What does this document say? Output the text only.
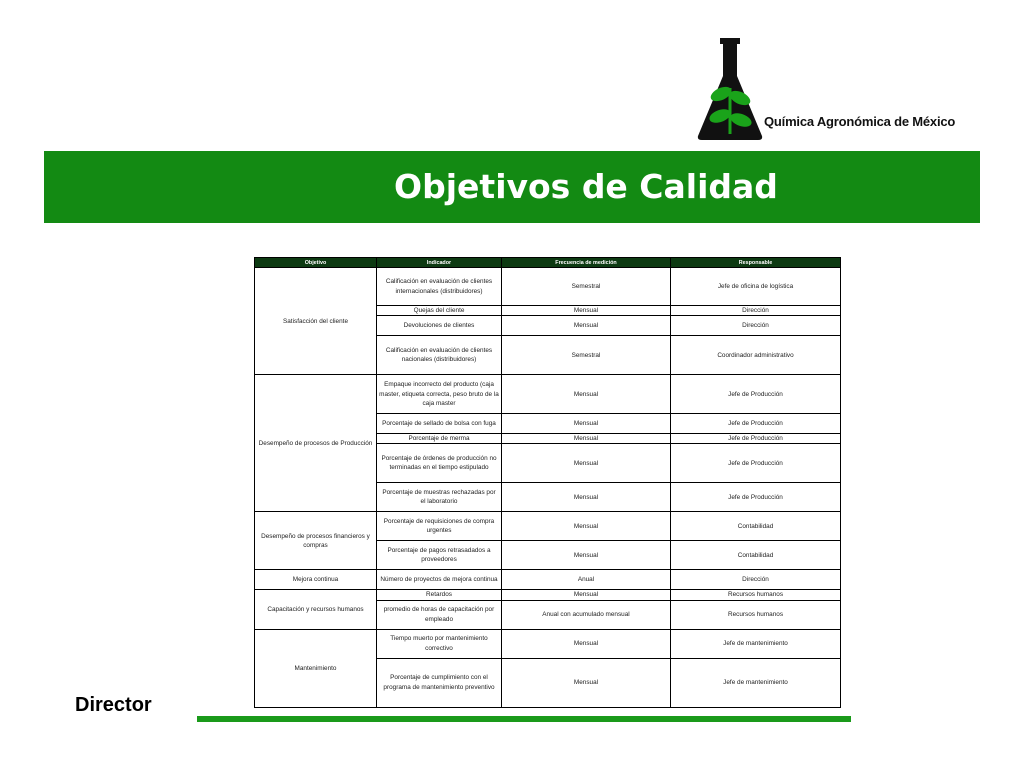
Química Agronómica de México
Objetivos de Calidad
Objetivo	Indicador	Frecuencia de medición	Responsable
Satisfacción del cliente	Calificación en evaluación de clientes internacionales (distribuidores)	Semestral	Jefe de oficina de logística
	Quejas del cliente	Mensual	Dirección
	Devoluciones de clientes	Mensual	Dirección
	Calificación en evaluación de clientes nacionales (distribuidores)	Semestral	Coordinador administrativo
Desempeño de procesos de Producción	Empaque incorrecto del producto (caja master, etiqueta correcta, peso bruto de la caja master	Mensual	Jefe de Producción
	Porcentaje de sellado de bolsa con fuga	Mensual	Jefe de Producción
	Porcentaje de merma	Mensual	Jefe de Producción
	Porcentaje de órdenes de producción no terminadas en el tiempo estipulado	Mensual	Jefe de Producción
	Porcentaje de muestras rechazadas por el laboratorio	Mensual	Jefe de Producción
Desempeño de procesos financieros y compras	Porcentaje de requisiciones de compra urgentes	Mensual	Contabilidad
	Porcentaje de pagos retrasadados a proveedores	Mensual	Contabilidad
Mejora continua	Número de proyectos de mejora continua	Anual	Dirección
Capacitación y recursos humanos	Retardos	Mensual	Recursos humanos
	promedio de horas de capacitación por empleado	Anual con acumulado mensual	Recursos humanos
Mantenimiento	Tiempo muerto por mantenimiento correctivo	Mensual	Jefe de mantenimiento
	Porcentaje de cumplimiento con el programa de mantenimiento preventivo	Mensual	Jefe de mantenimiento
Director
